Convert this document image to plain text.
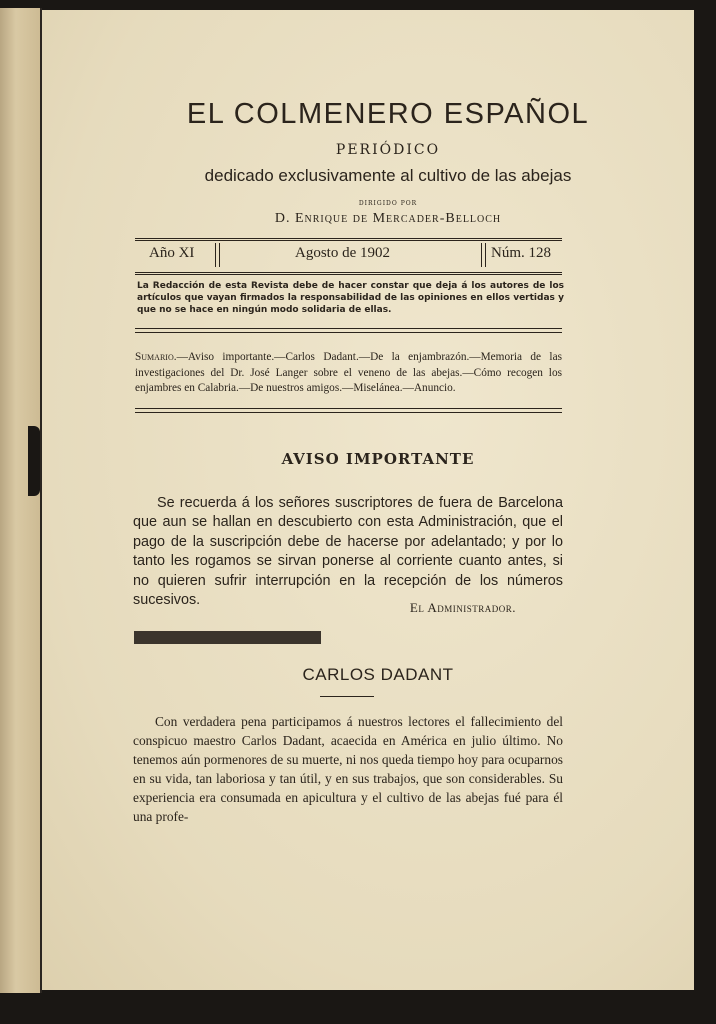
EL COLMENERO ESPAÑOL
PERIÓDICO
dedicado exclusivamente al cultivo de las abejas
DIRIGIDO POR
D. Enrique de Mercader-Belloch
Año XI	Agosto de 1902	Núm. 128
La Redacción de esta Revista debe de hacer constar que deja á los autores de los artículos que vayan firmados la responsabilidad de las opiniones en ellos vertidas y que no se hace en ningún modo solidaria de ellas.
Sumario.—Aviso importante.—Carlos Dadant.—De la enjambrazón.—Memoria de las investigaciones del Dr. José Langer sobre el veneno de las abejas.—Cómo recogen los enjambres en Calabria.—De nuestros amigos.—Miselánea.—Anuncio.
AVISO IMPORTANTE

Se recuerda á los señores suscriptores de fuera de Barcelona que aun se hallan en descubierto con esta Administración, que el pago de la suscripción debe de hacerse por adelantado; y por lo tanto les rogamos se sirvan ponerse al corriente cuanto antes, si no quieren sufrir interrupción en la recepción de los números sucesivos.	El Administrador.
CARLOS DADANT

Con verdadera pena participamos á nuestros lectores el fallecimiento del conspicuo maestro Carlos Dadant, acaecida en América en julio último. No tenemos aún pormenores de su muerte, ni nos queda tiempo hoy para ocuparnos en su vida, tan laboriosa y tan útil, y en sus trabajos, que son considerables. Su experiencia era consumada en apicultura y el cultivo de las abejas fué para él una profe-
